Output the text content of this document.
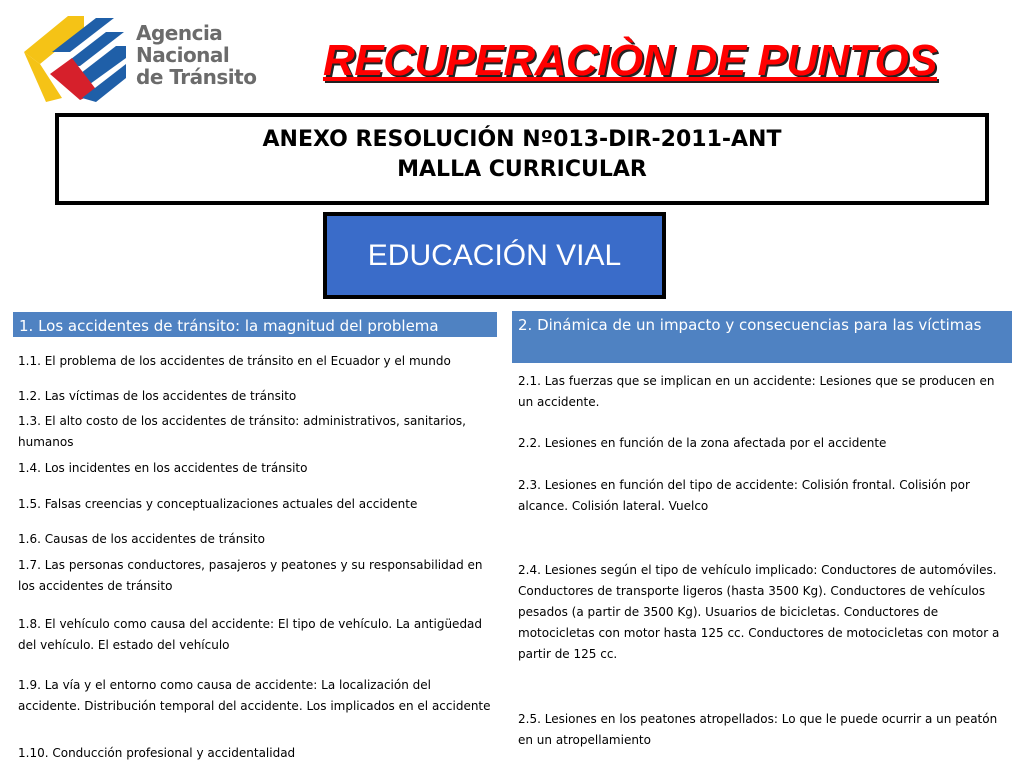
Agencia
Nacional
de Tránsito	RECUPERACIÒN DE PUNTOS
ANEXO RESOLUCIÓN Nº013-DIR-2011-ANT
MALLA CURRICULAR
EDUCACIÓN VIAL
1. Los accidentes de tránsito: la magnitud del problema
1.1. El problema de los accidentes de tránsito en el Ecuador y el mundo
1.2. Las víctimas de los accidentes de tránsito
1.3. El alto costo de los accidentes de tránsito: administrativos, sanitarios, humanos
1.4. Los incidentes en los accidentes de tránsito
1.5. Falsas creencias y conceptualizaciones actuales del accidente
1.6. Causas de los accidentes de tránsito
1.7. Las personas conductores, pasajeros y peatones y su responsabilidad en los accidentes de tránsito
1.8. El vehículo como causa del accidente: El tipo de vehículo. La antigüedad del vehículo. El estado del vehículo
1.9. La vía y el entorno como causa de accidente: La localización del accidente. Distribución temporal del accidente. Los implicados en el accidente
1.10. Conducción profesional y accidentalidad
2. Dinámica de un impacto y consecuencias para las víctimas
2.1. Las fuerzas que se implican en un accidente: Lesiones que se producen en un accidente.
2.2. Lesiones en función de la zona afectada por el accidente
2.3. Lesiones en función del tipo de accidente: Colisión frontal. Colisión por alcance. Colisión lateral. Vuelco
2.4. Lesiones según el tipo de vehículo implicado: Conductores de automóviles. Conductores de transporte ligeros (hasta 3500 Kg). Conductores de vehículos pesados (a partir de 3500 Kg). Usuarios de bicicletas. Conductores de motocicletas con motor hasta 125 cc. Conductores de motocicletas con motor a partir de 125 cc.
2.5. Lesiones en los peatones atropellados: Lo que le puede ocurrir a un peatón en un atropellamiento
